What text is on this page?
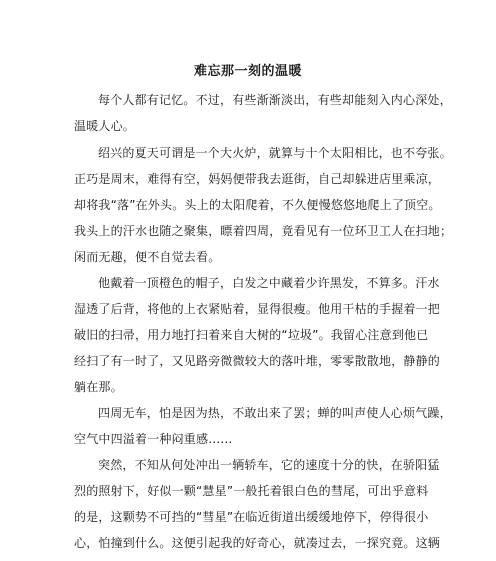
难忘那一刻的温暖
每个人都有记忆。不过，有些渐渐淡出，有些却能刻入内心深处，
温暖人心。
绍兴的夏天可谓是一个大火炉，就算与十个太阳相比，也不夸张。
正巧是周末，难得有空，妈妈便带我去逛街，自己却躲进店里乘凉，
却将我“落”在外头。头上的太阳爬着，不久便慢悠悠地爬上了顶空。
我头上的汗水也随之聚集，瞟着四周，竟看见有一位环卫工人在扫地；
闲而无趣，便不自觉去看。
他戴着一顶橙色的帽子，白发之中藏着少许黑发，不算多。汗水
湿透了后背，将他的上衣紧贴着，显得很瘦。他用干枯的手握着一把
破旧的扫帚，用力地打扫着来自大树的“垃圾”。我留心注意到他已
经扫了有一时了，又见路旁微微较大的落叶堆，零零散散地，静静的
躺在那。
四周无车，怕是因为热，不敢出来了罢；蝉的叫声使人心烦气躁，
空气中四溢着一种闷重感……
突然，不知从何处冲出一辆轿车，它的速度十分的快，在骄阳猛
烈的照射下，好似一颗“慧星”一般托着银白色的彗尾，可出乎意料
的是，这颗势不可挡的“彗星”在临近街道出缓缓地停下，停得很小
心，怕撞到什么。这便引起我的好奇心，就凑过去，一探究竟。这辆
